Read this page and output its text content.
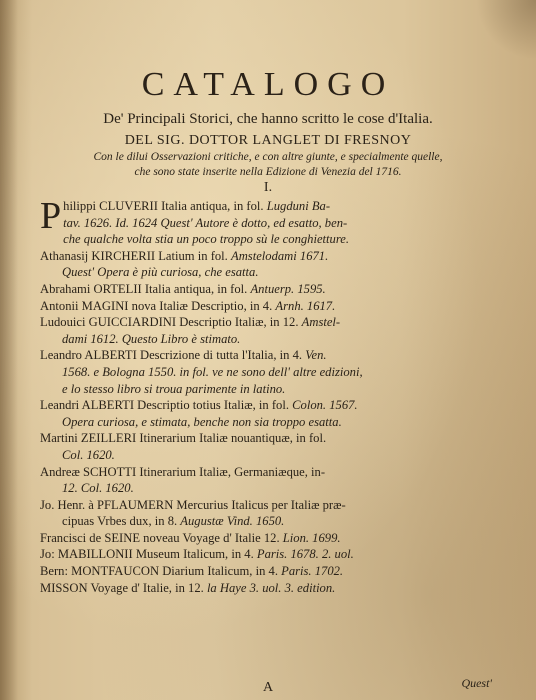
CATALOGO
De' Principali Storici, che hanno scritto le cose d'Italia.
DEL SIG. DOTTOR LANGLET DI FRESNOY
Con le dilui Osservazioni critiche, e con altre giunte, e specialmente quelle,
che sono state inserite nella Edizione di Venezia del 1716.
I.
P hilippi CLUVERII Italia antiqua, in fol. Lugduni Ba-
tav. 1626. Id. 1624 Quest' Autore è dotto, ed esatto, ben-
che qualche volta stia un poco troppo sù le conghietture.
Athanasij KIRCHERII Latium in fol. Amstelodami 1671.
Quest' Opera è più curiosa, che esatta.
Abrahami ORTELII Italia antiqua, in fol. Antuerp. 1595.
Antonii MAGINI nova Italiæ Descriptio, in 4. Arnh. 1617.
Ludouici GUICCIARDINI Descriptio Italiæ, in 12. Amstel-
dami 1612. Questo Libro è stimato.
Leandro ALBERTI Descrizione di tutta l'Italia, in 4. Ven.
1568. e Bologna 1550. in fol. ve ne sono dell' altre edizioni,
e lo stesso libro si troua parimente in latino.
Leandri ALBERTI Descriptio totius Italiæ, in fol. Colon. 1567.
Opera curiosa, e stimata, benche non sia troppo esatta.
Martini ZEILLERI Itinerarium Italiæ nouantiquæ, in fol.
Col. 1620.
Andreæ SCHOTTI Itinerarium Italiæ, Germaniæque, in-
12. Col. 1620.
Jo. Henr. à PFLAUMERN Mercurius Italicus per Italiæ præ-
cipuas Vrbes dux, in 8. Augustæ Vind. 1650.
Francisci de SEINE noveau Voyage d' Italie 12. Lion. 1699.
Jo: MABILLONII Museum Italicum, in 4. Paris. 1678. 2. uol.
Bern: MONTFAUCON Diarium Italicum, in 4. Paris. 1702.
MISSON Voyage d' Italie, in 12. la Haye 3. uol. 3. edition.
Quest'
A
